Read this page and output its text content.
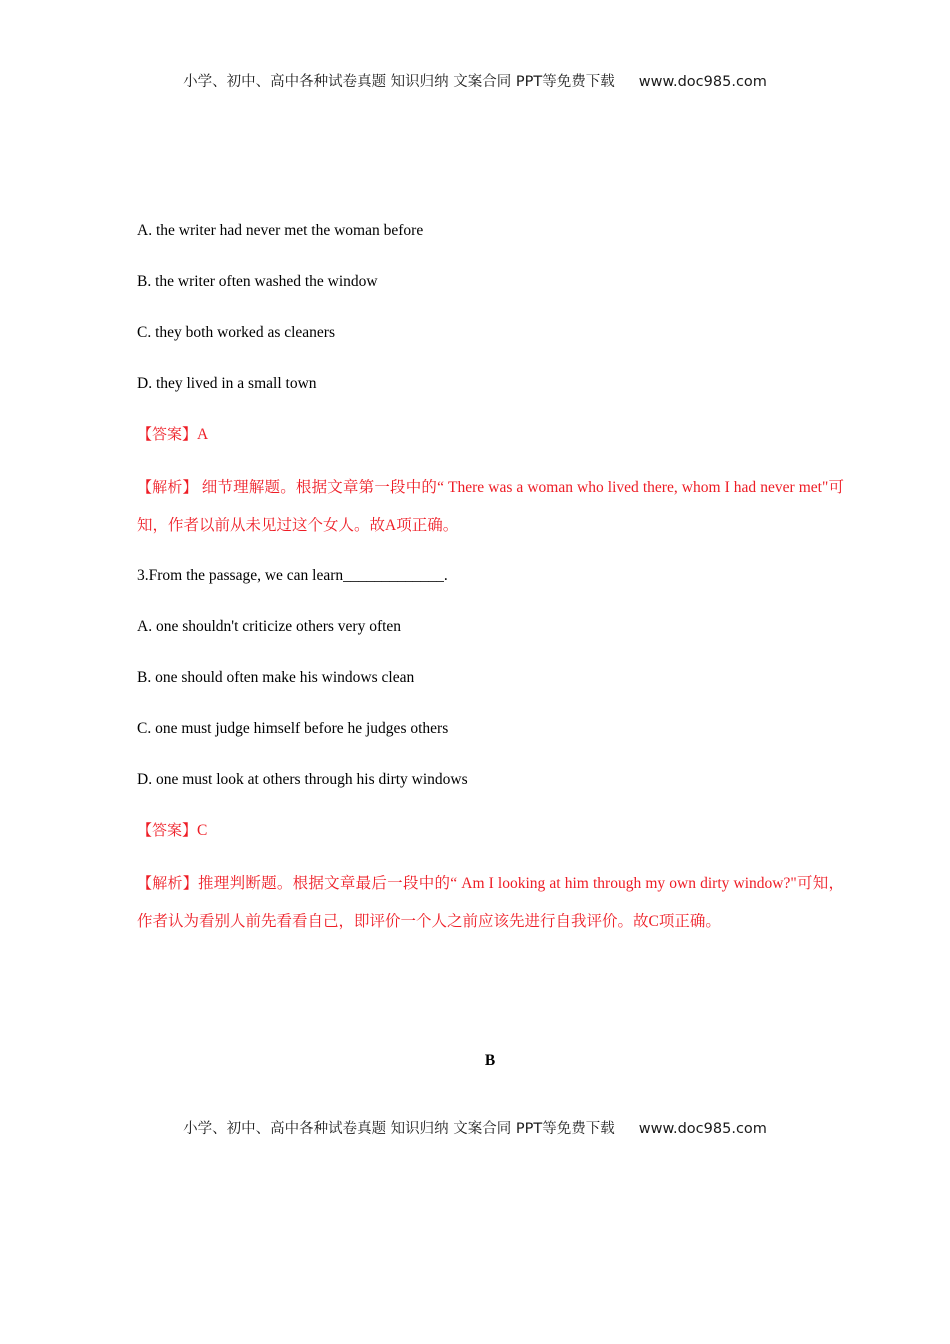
小学、初中、高中各种试卷真题 知识归纳 文案合同 PPT等免费下载 www.doc985.com
A. the writer had never met the woman before
B. the writer often washed the window
C. they both worked as cleaners
D. they lived in a small town
【答案】A
【解析】 细节理解题。根据文章第一段中的“ There was a woman who lived there, whom I had never met"可知，作者以前从未见过这个女人。故A项正确。
3.From the passage, we can learn_____________.
A. one shouldn't criticize others very often
B. one should often make his windows clean
C. one must judge himself before he judges others
D. one must look at others through his dirty windows
【答案】C
【解析】推理判断题。根据文章最后一段中的“ Am I looking at him through my own dirty window?"可知，作者认为看别人前先看看自己，即评价一个人之前应该先进行自我评价。故C项正确。
B
小学、初中、高中各种试卷真题 知识归纳 文案合同 PPT等免费下载 www.doc985.com
